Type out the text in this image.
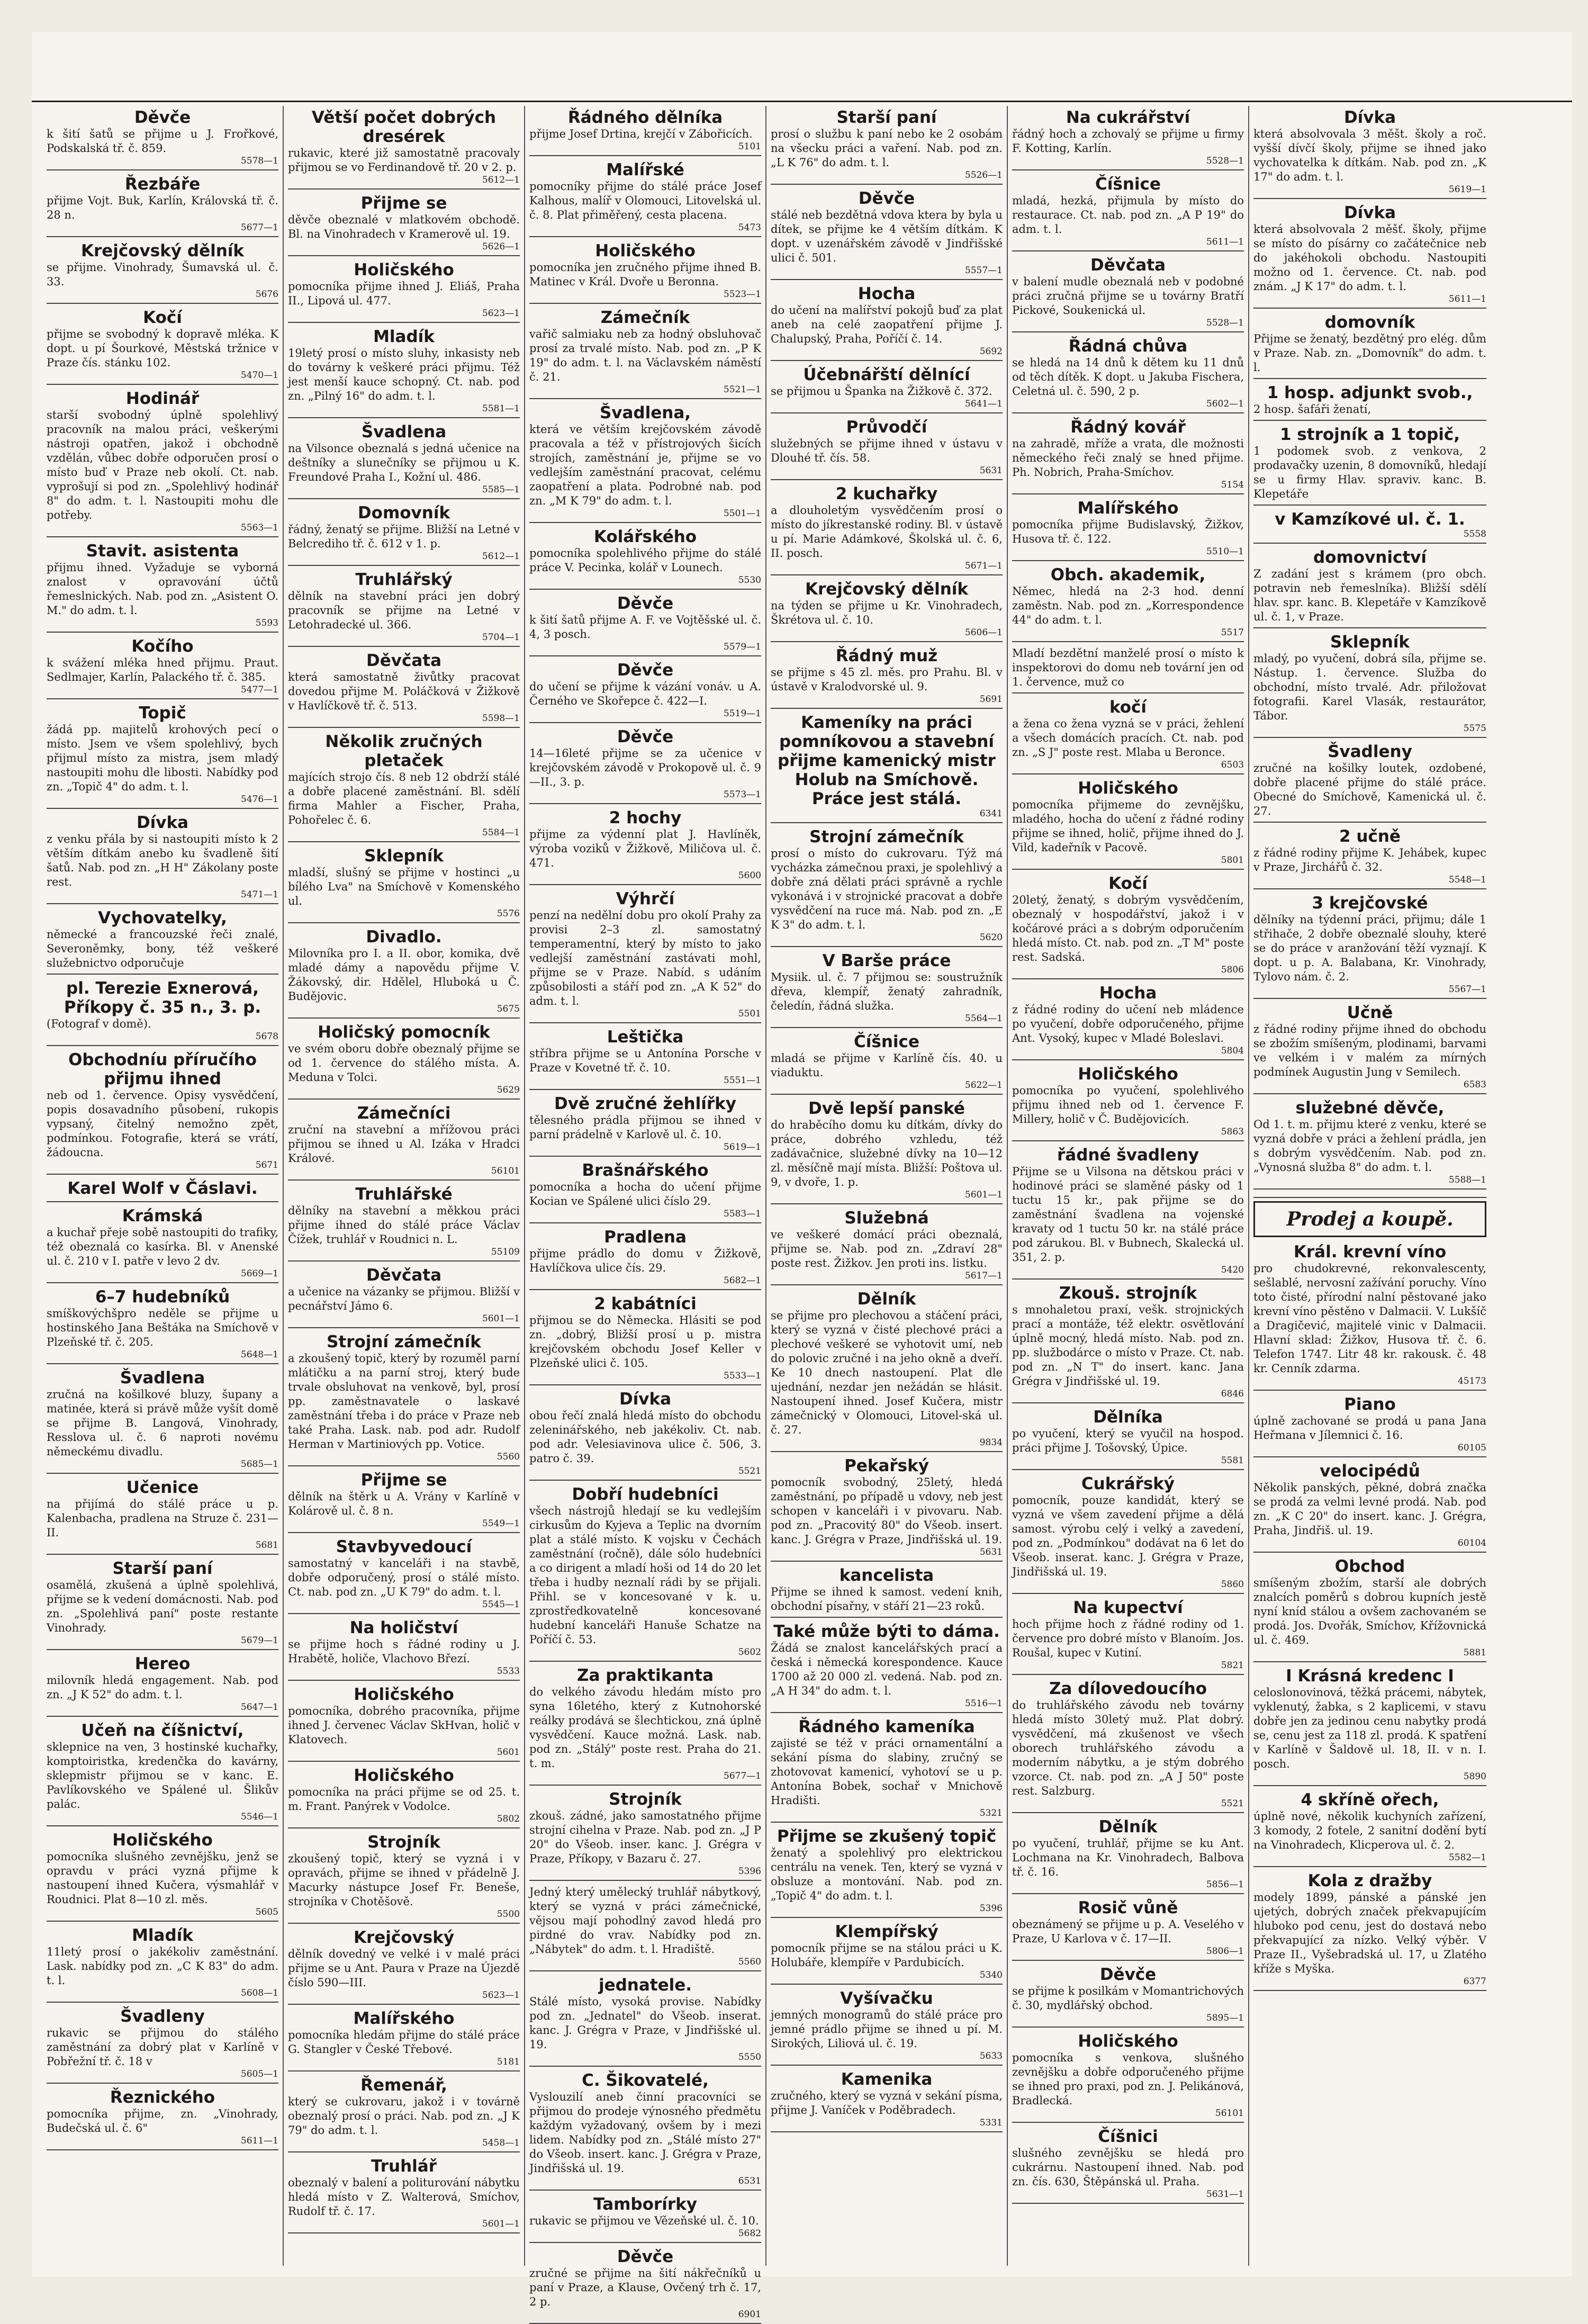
Děvče
k šití šatů se přijme u J. Frořkové, Podskalská tř. č. 859.
5578—1
Řezbáře
přijme Vojt. Buk, Karlín, Královská tř. č. 28 n.
5677—1
Krejčovský dělník
se přijme. Vinohrady, Šumavská ul. č. 33.
5676
Kočí
přijme se svobodný k dopravě mléka. K dopt. u pí Šourkové, Městská tržnice v Praze čís. stánku 102.
5470—1
Hodinář
starší svobodný úplně spolehlivý pracovník na malou práci, veškerými nástroji opatřen, jakož i obchodně vzdělán, vůbec dobře odporučen prosí o místo buď v Praze neb okolí. Ct. nab. vyprošují si pod zn. „Spolehlivý hodinář 8" do adm. t. l. Nastoupiti mohu dle potřeby.
5563—1
Stavit. asistenta
přijmu ihned. Vyžaduje se vyborná znalost v opravování účtů řemeslnických. Nab. pod zn. „Asistent O. M." do adm. t. l.
5593
Kočího
k svážení mléka hned přijmu. Praut. Sedlmajer, Karlín, Palackého tř. č. 385.
5477—1
Topič
žádá pp. majitelů krohových pecí o místo. Jsem ve všem spolehlivý, bych přijmul místo za mistra, jsem mladý nastoupiti mohu dle libosti. Nabídky pod zn. „Topič 4" do adm. t. l.
5476—1
Dívka
z venku přála by si nastoupiti místo k 2 větším dítkám anebo ku švadleně šití šatů. Nab. pod zn. „H H" Zákolany poste rest.
5471—1
Vychovatelky,
německé a francouzské řeči znalé, Severoněmky, bony, též veškeré služebnictvo odporučuje
pl. Terezie Exnerová, Příkopy č. 35 n., 3. p.
(Fotograf v domě).
5678
Obchodníu příručího přijmu ihned
neb od 1. července. Opisy vysvědčení, popis dosavadního působení, rukopis vypsaný, čitelný nemožno zpět, podmínkou. Fotografie, která se vrátí, žádoucna.
5671
Karel Wolf v Čáslavi.
Krámská
a kuchař přeje sobě nastoupiti do trafiky, též obeznalá co kasírka. Bl. v Anenské ul. č. 210 v I. patře v levo 2 dv.
5669—1
6–7 hudebníků
smíškovýchšpro neděle se přijme u hostinského Jana Beštáka na Smíchově v Plzeňské tř. č. 205.
5648—1
Švadlena
zručná na košilkové bluzy, šupany a matinée, která si právě může vyšít domě se přijme B. Langová, Vinohrady, Resslova ul. č. 6 naproti novému německému divadlu.
5685—1
Učenice
na přijímá do stálé práce u p. Kalenbacha, pradlena na Struze č. 231—II.
5681
Starší paní
osamělá, zkušená a úplně spolehlivá, přijme se k vedení domácnosti. Nab. pod zn. „Spolehlivá paní" poste restante Vinohrady.
5679—1
Hereo
milovník hledá engagement. Nab. pod zn. „J K 52" do adm. t. l.
5647—1
Učeň na číšnictví,
sklepnice na ven, 3 hostinské kuchařky, komptoiristka, kredenčka do kavárny, sklepmistr přijmou se v kanc. E. Pavlíkovského ve Spálené ul. Šlikův palác.
5546—1
Holičského
pomocníka slušného zevnějšku, jenž se opravdu v práci vyzná přijme k nastoupení ihned Kučera, výsmahlář v Roudnici. Plat 8—10 zl. měs.
5605
Mladík
11letý prosí o jakékoliv zaměstnání. Lask. nabídky pod zn. „C K 83" do adm. t. l.
5608—1
Švadleny
rukavic se přijmou do stálého zaměstnání za dobrý plat v Karlíně v Pobřežní tř. č. 18 v
5605—1
Řeznického
pomocníka přijme, zn. „Vinohrady, Budečská ul. č. 6"
5611—1
Větší počet dobrých dresérek
rukavic, které již samostatně pracovaly přijmou se vo Ferdinandově tř. 20 v 2. p.
5612—1
Přijme se
děvče obeznalé v mlatkovém obchodě. Bl. na Vinohradech v Kramerově ul. 19.
5626—1
Holičského
pomocníka přijme ihned J. Eliáš, Praha II., Lipová ul. 477.
5623—1
Mladík
19letý prosí o místo sluhy, inkasisty neb do továrny k veškeré práci přijmu. Též jest menší kauce schopný. Ct. nab. pod zn. „Pilný 16" do adm. t. l.
5581—1
Švadlena
na Vilsonce obeznalá s jedná učenice na deštníky a slunečníky se přijmou u K. Freundové Praha I., Kožní ul. 486.
5585—1
Domovník
řádný, ženatý se přijme. Bližší na Letné v Belcrediho tř. č. 612 v 1. p.
5612—1
Truhlářský
dělník na stavební práci jen dobrý pracovník se přijme na Letné v Letohradecké ul. 366.
5704—1
Děvčata
která samostatně živůtky pracovat dovedou přijme M. Poláčková v Žižkově v Havlíčkově tř. č. 513.
5598—1
Několik zručných pletaček
majících strojo čís. 8 neb 12 obdrží stálé a dobře placené zaměstnání. Bl. sdělí firma Mahler a Fischer, Praha, Pohořelec č. 6.
5584—1
Sklepník
mladší, slušný se přijme v hostinci „u bílého Lva" na Smíchově v Komenského ul.
5576
Divadlo.
Milovníka pro I. a II. obor, komika, dvě mladé dámy a napovědu přijme V. Žákovský, dir. Hdělel, Hluboká u Č. Budějovic.
5675
Holičský pomocník
ve svém oboru dobře obeznalý přijme se od 1. července do stálého místa. A. Meduna v Tolci.
5629
Zámečníci
zruční na stavební a mřížovou práci přijmou se ihned u Al. Izáka v Hradci Králové.
56101
Truhlářské
dělníky na stavební a měkkou práci přijme ihned do stálé práce Václav Čížek, truhlář v Roudnici n. L.
55109
Děvčata
a učenice na vázanky se přijmou. Bližší v pecnářství Jámo 6.
5601—1
Strojní zámečník
a zkoušený topič, který by rozuměl parní mlátičku a na parní stroj, který bude trvale obsluhovat na venkově, byl, prosí pp. zaměstnavatele o laskavé zaměstnání třeba i do práce v Praze neb také Praha. Lask. nab. pod adr. Rudolf Herman v Martiniových pp. Votice.
5560
Přijme se
dělník na štěrk u A. Vrány v Karlíně v Kolárově ul. č. 8 n.
5549—1
Stavbyvedoucí
samostatný v kanceláři i na stavbě, dobře odporučený, prosí o stálé místo. Ct. nab. pod zn. „U K 79" do adm. t. l.
5545—1
Na holičství
se přijme hoch s řádné rodiny u J. Hrabětě, holiče, Vlachovo Březí.
5533
Holičského
pomocníka, dobrého pracovníka, přijme ihned J. červenec Václav SkHvan, holič v Klatovech.
5601
Holičského
pomocníka na práci přijme se od 25. t. m. Frant. Panýrek v Vodolce.
5802
Strojník
zkoušený topič, který se vyzná i v opravách, přijme se ihned v přádelně J. Macurky nástupce Josef Fr. Beneše, strojníka v Chotěšově.
5500
Krejčovský
dělník dovedný ve velké i v malé práci přijme se u Ant. Paura v Praze na Újezdě číslo 590—III.
5623—1
Malířského
pomocníka hledám přijme do stálé práce G. Stangler v České Třebové.
5181
Řemenář,
který se cukrovaru, jakož i v továrně obeznalý prosí o práci. Nab. pod zn. „J K 79" do adm. t. l.
5458—1
Truhlář
obeznalý v balení a politurování nábytku hledá místo v Z. Walterová, Smíchov, Rudolf tř. č. 17.
5601—1
Řádného dělníka
přijme Josef Drtina, krejčí v Zábořicích.
5101
Malířské
pomocníky přijme do stálé práce Josef Kalhous, malíř v Olomouci, Litovelská ul. č. 8. Plat přiměřený, cesta placena.
5473
Holičského
pomocníka jen zručného přijme ihned B. Matinec v Král. Dvoře u Beronna.
5523—1
Zámečník
vařič salmiaku neb za hodný obsluhovač prosí za trvalé místo. Nab. pod zn. „P K 19" do adm. t. l. na Václavském náměstí č. 21.
5521—1
Švadlena,
která ve větším krejčovském závodě pracovala a též v přístrojových šicích strojích, zaměstnání je, přijme se vo vedlejším zaměstnání pracovat, celému zaopatření a plata. Podrobné nab. pod zn. „M K 79" do adm. t. l.
5501—1
Kolářského
pomocníka spolehlivého přijme do stálé práce V. Pecinka, kolář v Lounech.
5530
Děvče
k šití šatů přijme A. F. ve Vojtěšské ul. č. 4, 3 posch.
5579—1
Děvče
do učení se přijme k vázání vonáv. u A. Černého ve Skořepce č. 422—I.
5519—1
Děvče
14—16leté přijme se za učenice v krejčovském závodě v Prokopově ul. č. 9—II., 3. p.
5573—1
2 hochy
přijme za výdenní plat J. Havlíněk, výroba voziků v Žižkově, Miličova ul. č. 471.
5600
Výhrčí
penzí na nedělní dobu pro okolí Prahy za provisi 2–3 zl. samostatný temperamentní, který by místo to jako vedlejší zaměstnání zastávati mohl, přijme se v Praze. Nabíd. s udáním způsobilosti a stáří pod zn. „A K 52" do adm. t. l.
5501
Leštička
stříbra přijme se u Antonína Porsche v Praze v Kovetné tř. č. 10.
5551—1
Dvě zručné žehlířky
tělesného prádla přijmou se ihned v parní prádelně v Karlově ul. č. 10.
5619—1
Brašnářského
pomocníka a hocha do učení přijme Kocian ve Spálené ulici číslo 29.
5583—1
Pradlena
přijme prádlo do domu v Žižkově, Havlíčkova ulice čís. 29.
5682—1
2 kabátníci
přijmou se do Německa. Hlásiti se pod zn. „dobrý, Bližší prosí u p. mistra krejčovském obchodu Josef Keller v Plzeňské ulici č. 105.
5533—1
Dívka
obou řečí znalá hledá místo do obchodu zeleninářského, neb jakékoliv. Ct. nab. pod adr. Velesiavinova ulice č. 506, 3. patro č. 39.
5521
Dobří hudebníci
všech nástrojů hledají se ku vedlejším cirkusům do Kyjeva a Teplic na dvorním plat a stálé místo. K vojsku v Čechách zaměstnání (ročně), dále sólo hudebníci a co dirigent a mladí hoši od 14 do 20 let třeba i hudby neznalí rádi by se přijali. Přihl. se v koncesované v k. u. zprostředkovatelně koncesované hudební kanceláři Hanuše Schatze na Poříčí č. 53.
5602
Za praktikanta
do velkého závodu hledám místo pro syna 16letého, který z Kutnohorské reálky prodává se šlechtickou, zná úplně vysvědčení. Kauce možná. Lask. nab. pod zn. „Stálý" poste rest. Praha do 21. t. m.
5677—1
Strojník
zkouš. zádné, jako samostatného přijme strojní cihelna v Praze. Nab. pod zn. „J P 20" do Všeob. inser. kanc. J. Grégra v Praze, Příkopy, v Bazaru č. 27.
5396
Jedný který umělecký truhlář nábytkový, který se vyzná v práci zámečnické, vějsou mají pohodlný zavod hledá pro pirdné do vrav. Nabídky pod zn. „Nábytek" do adm. t. l. Hradiště.
5560
jednatele.
Stálé místo, vysoká provise. Nabídky pod zn. „Jednatel" do Všeob. inserat. kanc. J. Grégra v Praze, v Jindřišské ul. 19.
5550
C. Šikovatelé,
Vyslouzilí aneb činní pracovníci se přijmou do prodeje výnosného předmětu každým vyžadovaný, ovšem by i mezi lidem. Nabídky pod zn. „Stálé místo 27" do Všeob. insert. kanc. J. Grégra v Praze, Jindřišská ul. 19.
6531
Tamborírky
rukavic se přijmou ve Vězeňské ul. č. 10.
5682
Děvče
zručné se přijme na šití nákřečníků u paní v Praze, a Klause, Ovčený trh č. 17, 2 p.
6901
Starší paní
prosí o službu k paní nebo ke 2 osobám na všecku práci a vaření. Nab. pod zn. „L K 76" do adm. t. l.
5526—1
Děvče
stálé neb bezdětná vdova ktera by byla u dítek, se přijme ke 4 větším dítkám. K dopt. v uzenářském závodě v Jindřišské ulici č. 501.
5557—1
Hocha
do učení na malířství pokojů buď za plat aneb na celé zaopatření přijme J. Chalupský, Praha, Poříčí č. 14.
5692
Účebnářští dělnící
se přijmou u Španka na Žižkově č. 372.
5641—1
Průvodčí
služebných se přijme ihned v ústavu v Dlouhé tř. čís. 58.
5631
2 kuchařky
a dlouholetým vysvědčením prosí o místo do jíkrestanské rodiny. Bl. v ústavě u pí. Marie Adámkové, Školská ul. č. 6, II. posch.
5671—1
Krejčovský dělník
na týden se přijme u Kr. Vinohradech, Škrétova ul. č. 10.
5606—1
Řádný muž
se přijme s 45 zl. měs. pro Prahu. Bl. v ústavě v Kralodvorské ul. 9.
5691
Kameníky na práci pomníkovou a stavební přijme kamenický mistr Holub na Smíchově. Práce jest stálá.
6341
Strojní zámečník
prosí o místo do cukrovaru. Týž má vycházka zámečnou praxi, je spolehlivý a dobře zná dělati práci správně a rychle vykonává i v strojnické pracovat a dobře vysvědčení na ruce má. Nab. pod zn. „E K 3" do adm. t. l.
5620
V Barše práce
Mysiik. ul. č. 7 přijmou se: soustružník dřeva, klempíř, ženatý zahradník, čeledín, řádná služka.
5564—1
Číšnice
mladá se přijme v Karlíně čís. 40. u viaduktu.
5622—1
Dvě lepší panské
do hraběcího domu ku dítkám, dívky do práce, dobrého vzhledu, též zadávačnice, služebné dívky na 10—12 zl. měsíčně mají místa. Bližší: Poštova ul. 9, v dvoře, 1. p.
5601—1
Služebná
ve veškeré domácí práci obeznalá, přijme se. Nab. pod zn. „Zdraví 28" poste rest. Žižkov. Jen proti ins. listku.
5617—1
Dělník
se přijme pro plechovou a stáčení práci, který se vyzná v čisté plechové práci a plechové veškeré se vyhotovit umí, neb do polovic zručné i na jeho okně a dveří. Ke 10 dnech nastoupení. Plat dle ujednání, nezdar jen nežádán se hlásit. Nastoupení ihned. Josef Kučera, mistr zámečnický v Olomouci, Litovel-ská ul. č. 27.
9834
Pekařský
pomocník svobodný, 25letý, hledá zaměstnání, po případě u vdovy, neb jest schopen v kanceláři i v pivovaru. Nab. pod zn. „Pracovitý 80" do Všeob. insert. kanc. J. Grégra v Praze, Jindřišská ul. 19.
5631
kancelista
Přijme se ihned k samost. vedení knih, obchodní písařny, v stáří 21—23 roků.
Také může býti to dáma.
Žádá se znalost kancelářských prací a česká i německá korespondence. Kauce 1700 až 20 000 zl. vedená. Nab. pod zn. „A H 34" do adm. t. l.
5516—1
Řádného kameníka
zajisté se též v práci ornamentální a sekání písma do slabiny, zručný se zhotovovat kamenicí, vyhotoví se u p. Antonína Bobek, sochař v Mnichově Hradišti.
5321
Přijme se zkušený topič
ženatý a spolehlivý pro elektrickou centrálu na venek. Ten, který se vyzná v obsluze a montování. Nab. pod zn. „Topič 4" do adm. t. l.
5396
Klempířský
pomocník přijme se na stálou práci u K. Holubáře, klempíře v Pardubicích.
5340
Vyšívačku
jemných monogramů do stálé práce pro jemné prádlo přijme se ihned u pí. M. Sirokých, Liliová ul. č. 19.
5633
Kamenika
zručného, který se vyzná v sekání písma, přijme J. Vaníček v Poděbradech.
5331
Na cukrářství
řádný hoch a zchovalý se přijme u firmy F. Kotting, Karlín.
5528—1
Číšnice
mladá, hezká, přijmula by místo do restaurace. Ct. nab. pod zn. „A P 19" do adm. t. l.
5611—1
Děvčata
v balení mudle obeznalá neb v podobné práci zručná přijme se u továrny Bratří Pickové, Soukenická ul.
5528—1
Řádná chůva
se hledá na 14 dnů k dětem ku 11 dnů od těch dítěk. K dopt. u Jakuba Fischera, Celetná ul. č. 590, 2 p.
5602—1
Řádný kovář
na zahradě, mříže a vrata, dle možnosti německého řeči znalý se hned přijme. Ph. Nobrich, Praha-Smíchov.
5154
Malířského
pomocníka přijme Budislavský, Žižkov, Husova tř. č. 122.
5510—1
Obch. akademik,
Němec, hledá na 2-3 hod. denní zaměstn. Nab. pod zn. „Korrespondence 44" do adm. t. l.
5517
Mladí bezdětní manželé prosí o místo k inspektorovi do domu neb tovární jen od 1. července, muž co
kočí
a žena co žena vyzná se v práci, žehlení a všech domácích pracích. Ct. nab. pod zn. „S J" poste rest. Mlaba u Beronce.
6503
Holičského
pomocníka přijmeme do zevnějšku, mladého, hocha do učení z řádné rodiny přijme se ihned, holič, přijme ihned do J. Vild, kadeřník v Pacově.
5801
Kočí
20letý, ženatý, s dobrým vysvědčením, obeznalý v hospodářství, jakož i v kočárové práci a s dobrým odporučením hledá místo. Ct. nab. pod zn. „T M" poste rest. Sadská.
5806
Hocha
z řádné rodiny do učení neb mládence po vyučení, dobře odporučeného, přijme Ant. Vysoký, kupec v Mladé Boleslavi.
5804
Holičského
pomocníka po vyučení, spolehlivého přijmu ihned neb od 1. července F. Millery, holič v Č. Budějovicích.
5863
řádné švadleny
Přijme se u Vilsona na dětskou práci v hodinové práci se slaměné pásky od 1 tuctu 15 kr., pak přijme se do zaměstnání švadlena na vojenské kravaty od 1 tuctu 50 kr. na stálé práce pod zárukou. Bl. v Bubnech, Skalecká ul. 351, 2. p.
5420
Zkouš. strojník
s mnohaletou praxí, vešk. strojnických prací a montáže, též elektr. osvětlování úplně mocný, hledá místo. Nab. pod zn. pp. službodárce o místo v Praze. Ct. nab. pod zn. „N T" do insert. kanc. Jana Grégra v Jindřišské ul. 19.
6846
Dělníka
po vyučení, který se vyučil na hospod. práci přijme J. Tošovský, Úpice.
5581
Cukrářský
pomocník, pouze kandidát, který se vyzná ve všem zavedení přijme a dělá samost. výrobu celý i velký a zavedení, pod zn. „Podmínkou" dodávat na 6 let do Všeob. inserat. kanc. J. Grégra v Praze, Jindřišská ul. 19.
5860
Na kupectví
hoch přijme hoch z řádné rodiny od 1. července pro dobré místo v Blanoím. Jos. Roušal, kupec v Kutiní.
5821
Za dílovedoucího
do truhlářského závodu neb továrny hledá místo 30letý muž. Plat dobrý. vysvědčení, má zkušenost ve všech oborech truhlářského závodu a moderním nábytku, a je stým dobrého vzorce. Ct. nab. pod zn. „A J 50" poste rest. Salzburg.
5521
Dělník
po vyučení, truhlář, přijme se ku Ant. Lochmana na Kr. Vinohradech, Balbova tř. č. 16.
5856—1
Rosič vůně
obeznámený se přijme u p. A. Veselého v Praze, U Karlova v č. 17—II.
5806—1
Děvče
se přijme k posilkám v Momantrichových č. 30, mydlářský obchod.
5895—1
Holičského
pomocníka s venkova, slušného zevnějšku a dobře odporučeného přijme se ihned pro praxi, pod zn. J. Pelikánová, Bradlecká.
56101
Číšnici
slušného zevnějšku se hledá pro cukrárnu. Nastoupení ihned. Nab. pod zn. čís. 630, Štěpánská ul. Praha.
5631—1
Dívka
která absolvovala 3 měšt. školy a roč. vyšší dívčí školy, přijme se ihned jako vychovatelka k dítkám. Nab. pod zn. „K 17" do adm. t. l.
5619—1
Dívka
která absolvovala 2 měšť. školy, přijme se místo do písárny co začátečnice neb do jakéhokoli obchodu. Nastoupiti možno od 1. července. Ct. nab. pod znám. „J K 17" do adm. t. l.
5611—1
domovník
Přijme se ženatý, bezdětný pro elég. dům v Praze. Nab. zn. „Domovník" do adm. t. l.
1 hosp. adjunkt svob.,
2 hosp. šafáři ženatí,
1 strojník a 1 topič,
1 podomek svob. z venkova, 2 prodavačky uzenin, 8 domovníků, hledají se u firmy Hlav. spraviv. kanc. B. Klepetáře
v Kamzíkové ul. č. 1.
5558
domovnictví
Z zadání jest s krámem (pro obch. potravin neb řemeslníka). Bližší sdělí hlav. spr. kanc. B. Klepetáře v Kamzíkově ul. č. 1, v Praze.
Sklepník
mladý, po vyučení, dobrá síla, přijme se. Nástup. 1. července. Služba do obchodní, místo trvalé. Adr. přiložovat fotografii. Karel Vlasák, restaurátor, Tábor.
5575
Švadleny
zručné na košilky loutek, ozdobené, dobře placené přijme do stálé práce. Obecné do Smíchově, Kamenická ul. č. 27.
2 učně
z řádné rodiny přijme K. Jehábek, kupec v Praze, Jirchářů č. 32.
5548—1
3 krejčovské
dělníky na týdenní práci, přijmu; dále 1 střihače, 2 dobře obeznalé slouhy, které se do práce v aranžování těží vyznají. K dopt. u p. A. Balabana, Kr. Vinohrady, Tylovo nám. č. 2.
5567—1
Učně
z řádné rodiny přijme ihned do obchodu se zbožím smíšeným, plodinami, barvami ve velkém i v malém za mírných podmínek Augustin Jung v Semilech.
6583
služebné děvče,
Od 1. t. m. přijmu které z venku, které se vyzná dobře v práci a žehlení prádla, jen s dobrým vysvědčením. Nab. pod zn. „Vynosná služba 8" do adm. t. l.
5588—1
Prodej a koupě.
Král. krevní víno
pro chudokrevné, rekonvalescenty, sešlablé, nervosní zažívání poruchy. Víno toto čisté, přírodní nalní pěstované jako krevní víno pěstěno v Dalmacii. V. Lukšíč a Dragičević, majitelé vinic v Dalmacii. Hlavní sklad: Žižkov, Husova tř. č. 6. Telefon 1747. Litr 48 kr. rakousk. č. 48 kr. Cenník zdarma.
45173
Piano
úplně zachované se prodá u pana Jana Heřmana v Jílemnici č. 16.
60105
velocipédů
Několik panských, pěkné, dobrá značka se prodá za velmi levné prodá. Nab. pod zn. „K C 20" do insert. kanc. J. Grégra, Praha, Jindřiš. ul. 19.
60104
Obchod
smíšeným zbožím, starší ale dobrých znalcích poměrů s dobrou kupních jestě nyní kníd stálou a ovšem zachovaném se prodá. Jos. Dvořák, Smíchov, Křížovnická ul. č. 469.
5881
I Krásná kredenc I
celoslonovinová, těžká prácemi, nábytek, vyklenutý, žabka, s 2 kaplicemi, v stavu dobře jen za jedinou cenu nabytky prodá se, cenu jest za 118 zl. prodá. K spatření v Karlíně v Šaldově ul. 18, II. v n. I. posch.
5890
4 skříně ořech,
úplně nové, několik kuchyních zařízení, 3 komody, 2 fotele, 2 sanitní dodění bytí na Vinohradech, Klicperova ul. č. 2.
5582—1
Kola z dražby
modely 1899, pánské a pánské jen ujetých, dobrých značek překvapujícím hluboko pod cenu, jest do dostavá nebo překvapující za nízko. Velký výběr. V Praze II., Vyšebradská ul. 17, u Zlatého kříže s Myška.
6377
